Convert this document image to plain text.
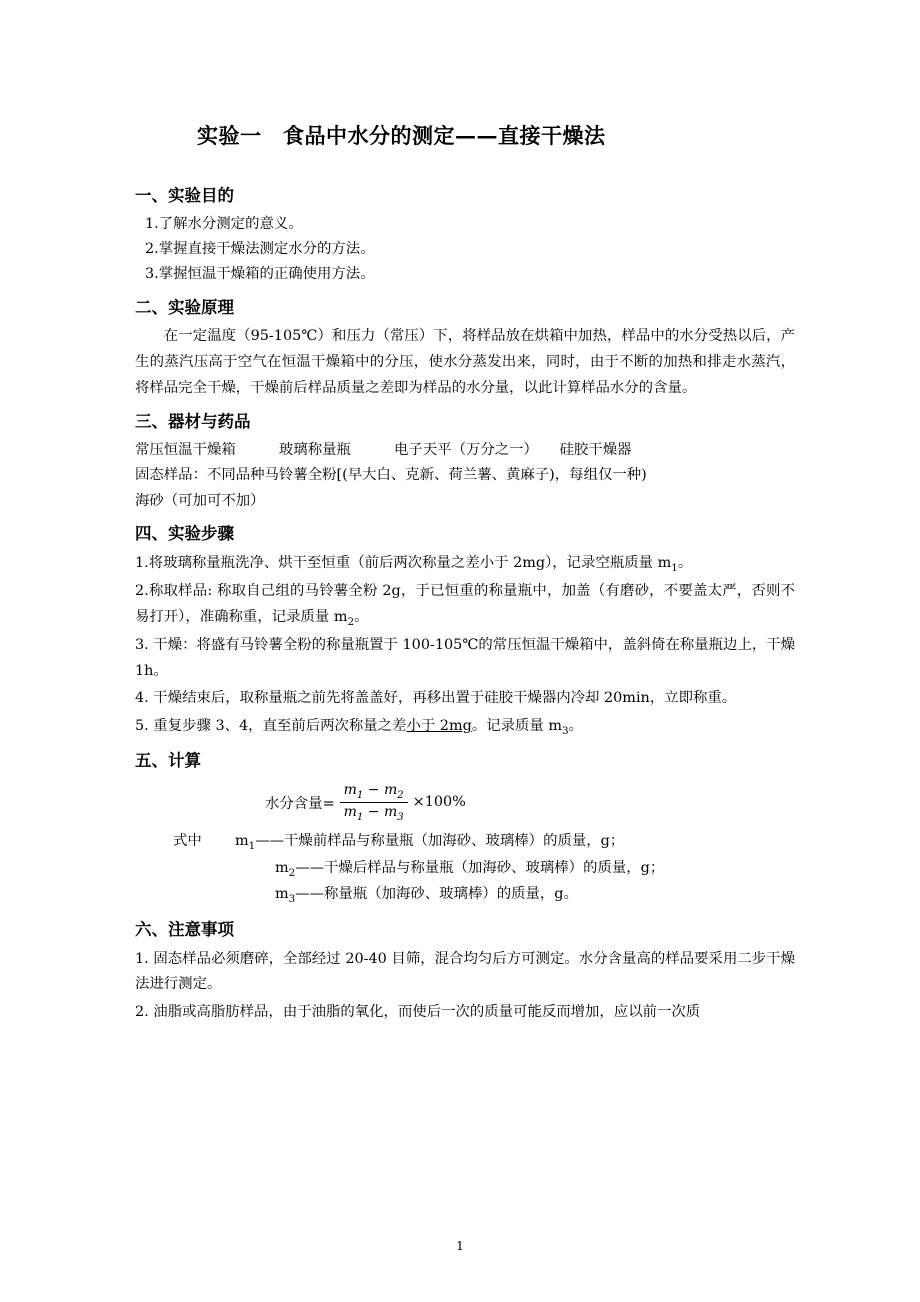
实验一　食品中水分的测定——直接干燥法
一、实验目的

1.了解水分测定的意义。

2.掌握直接干燥法测定水分的方法。

3.掌握恒温干燥箱的正确使用方法。

二、实验原理

在一定温度（95-105℃）和压力（常压）下，将样品放在烘箱中加热，样品中的水分受热以后，产生的蒸汽压高于空气在恒温干燥箱中的分压，使水分蒸发出来，同时，由于不断的加热和排走水蒸汽，将样品完全干燥，干燥前后样品质量之差即为样品的水分量，以此计算样品水分的含量。

三、器材与药品

常压恒温干燥箱　　　玻璃称量瓶　　　电子天平（万分之一）　　硅胶干燥器

固态样品：不同品种马铃薯全粉[(早大白、克新、荷兰薯、黄麻子)，每组仅一种)

海砂（可加可不加）

四、实验步骤

1.将玻璃称量瓶洗净、烘干至恒重（前后两次称量之差小于 2mg），记录空瓶质量 $m_1$。

2.称取样品: 称取自己组的马铃薯全粉 2g，于已恒重的称量瓶中，加盖（有磨砂，不要盖太严，否则不易打开），准确称重，记录质量 $m_2$。

3. 干燥：将盛有马铃薯全粉的称量瓶置于 100-105℃的常压恒温干燥箱中，盖斜倚在称量瓶边上，干燥 1h。

4. 干燥结束后，取称量瓶之前先将盖盖好，再移出置于硅胶干燥器内冷却 20min，立即称重。

5. 重复步骤 3、4，直至前后两次称量之差小于 2mg。记录质量 $m_3$。

五、计算
水分含量= $\frac{m_1 - m_2}{m_1 - m_3} \times 100\%$

式中 $m_1——$干燥前样品与称量瓶（加海砂、玻璃棒）的质量，g；

$m_2——$干燥后样品与称量瓶（加海砂、玻璃棒）的质量，g；

$m_3——$称量瓶（加海砂、玻璃棒）的质量，g。

六、注意事项

1. 固态样品必须磨碎，全部经过 20-40 目筛，混合均匀后方可测定。水分含量高的样品要采用二步干燥法进行测定。

2. 油脂或高脂肪样品，由于油脂的氧化，而使后一次的质量可能反而增加，应以前一次质

1
